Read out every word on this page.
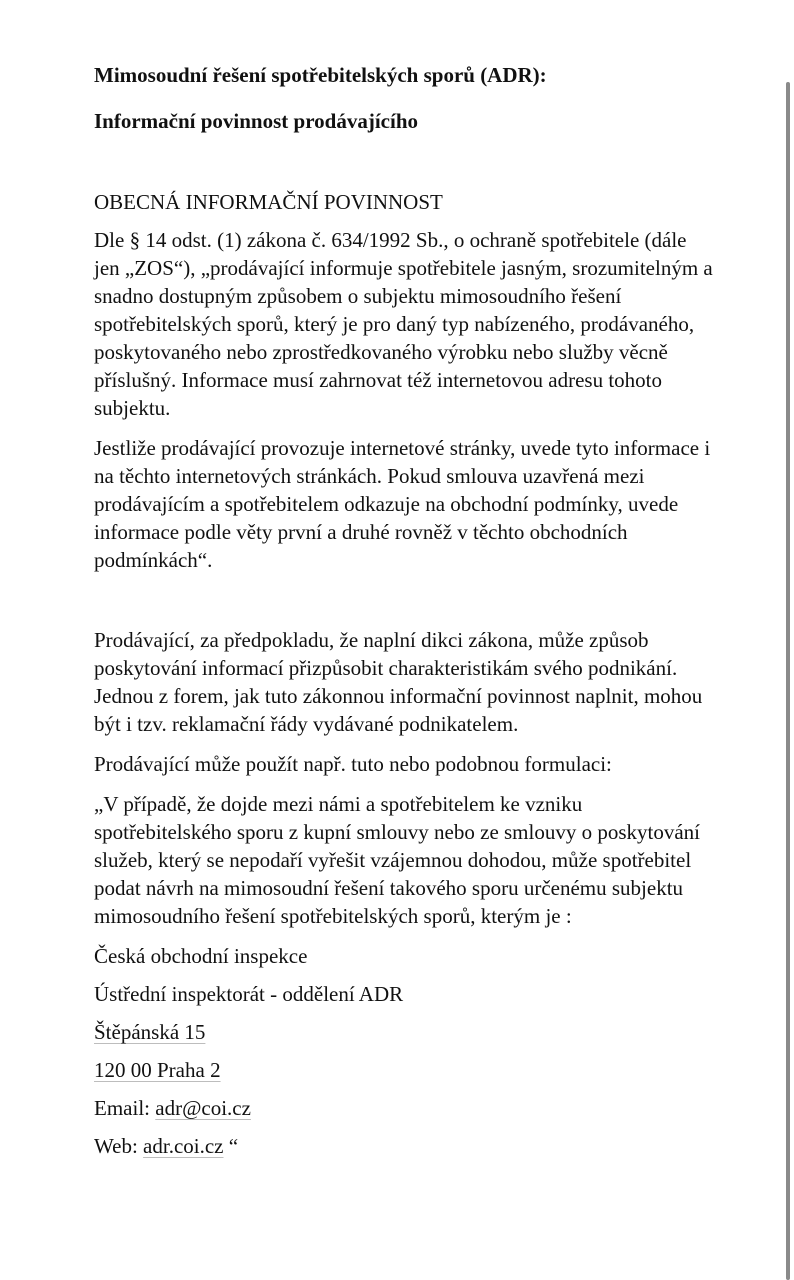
Mimosoudní řešení spotřebitelských sporů (ADR):
Informační povinnost prodávajícího
OBECNÁ INFORMAČNÍ POVINNOST

Dle § 14 odst. (1) zákona č. 634/1992 Sb., o ochraně spotřebitele (dále jen „ZOS“), „prodávající informuje spotřebitele jasným, srozumitelným a snadno dostupným způsobem o subjektu mimosoudního řešení spotřebitelských sporů, který je pro daný typ nabízeného, prodávaného, poskytovaného nebo zprostředkovaného výrobku nebo služby věcně příslušný. Informace musí zahrnovat též internetovou adresu tohoto subjektu.

Jestliže prodávající provozuje internetové stránky, uvede tyto informace i na těchto internetových stránkách. Pokud smlouva uzavřená mezi prodávajícím a spotřebitelem odkazuje na obchodní podmínky, uvede informace podle věty první a druhé rovněž v těchto obchodních podmínkách“.

Prodávající, za předpokladu, že naplní dikci zákona, může způsob poskytování informací přizpůsobit charakteristikám svého podnikání. Jednou z forem, jak tuto zákonnou informační povinnost naplnit, mohou být i tzv. reklamační řády vydávané podnikatelem.

Prodávající může použít např. tuto nebo podobnou formulaci:

„V případě, že dojde mezi námi a spotřebitelem ke vzniku spotřebitelského sporu z kupní smlouvy nebo ze smlouvy o poskytování služeb, který se nepodaří vyřešit vzájemnou dohodou, může spotřebitel podat návrh na mimosoudní řešení takového sporu určenému subjektu mimosoudního řešení spotřebitelských sporů, kterým je :

Česká obchodní inspekce
Ústřední inspektorát - oddělení ADR
Štěpánská 15
120 00 Praha 2
Email: adr@coi.cz
Web: adr.coi.cz “
